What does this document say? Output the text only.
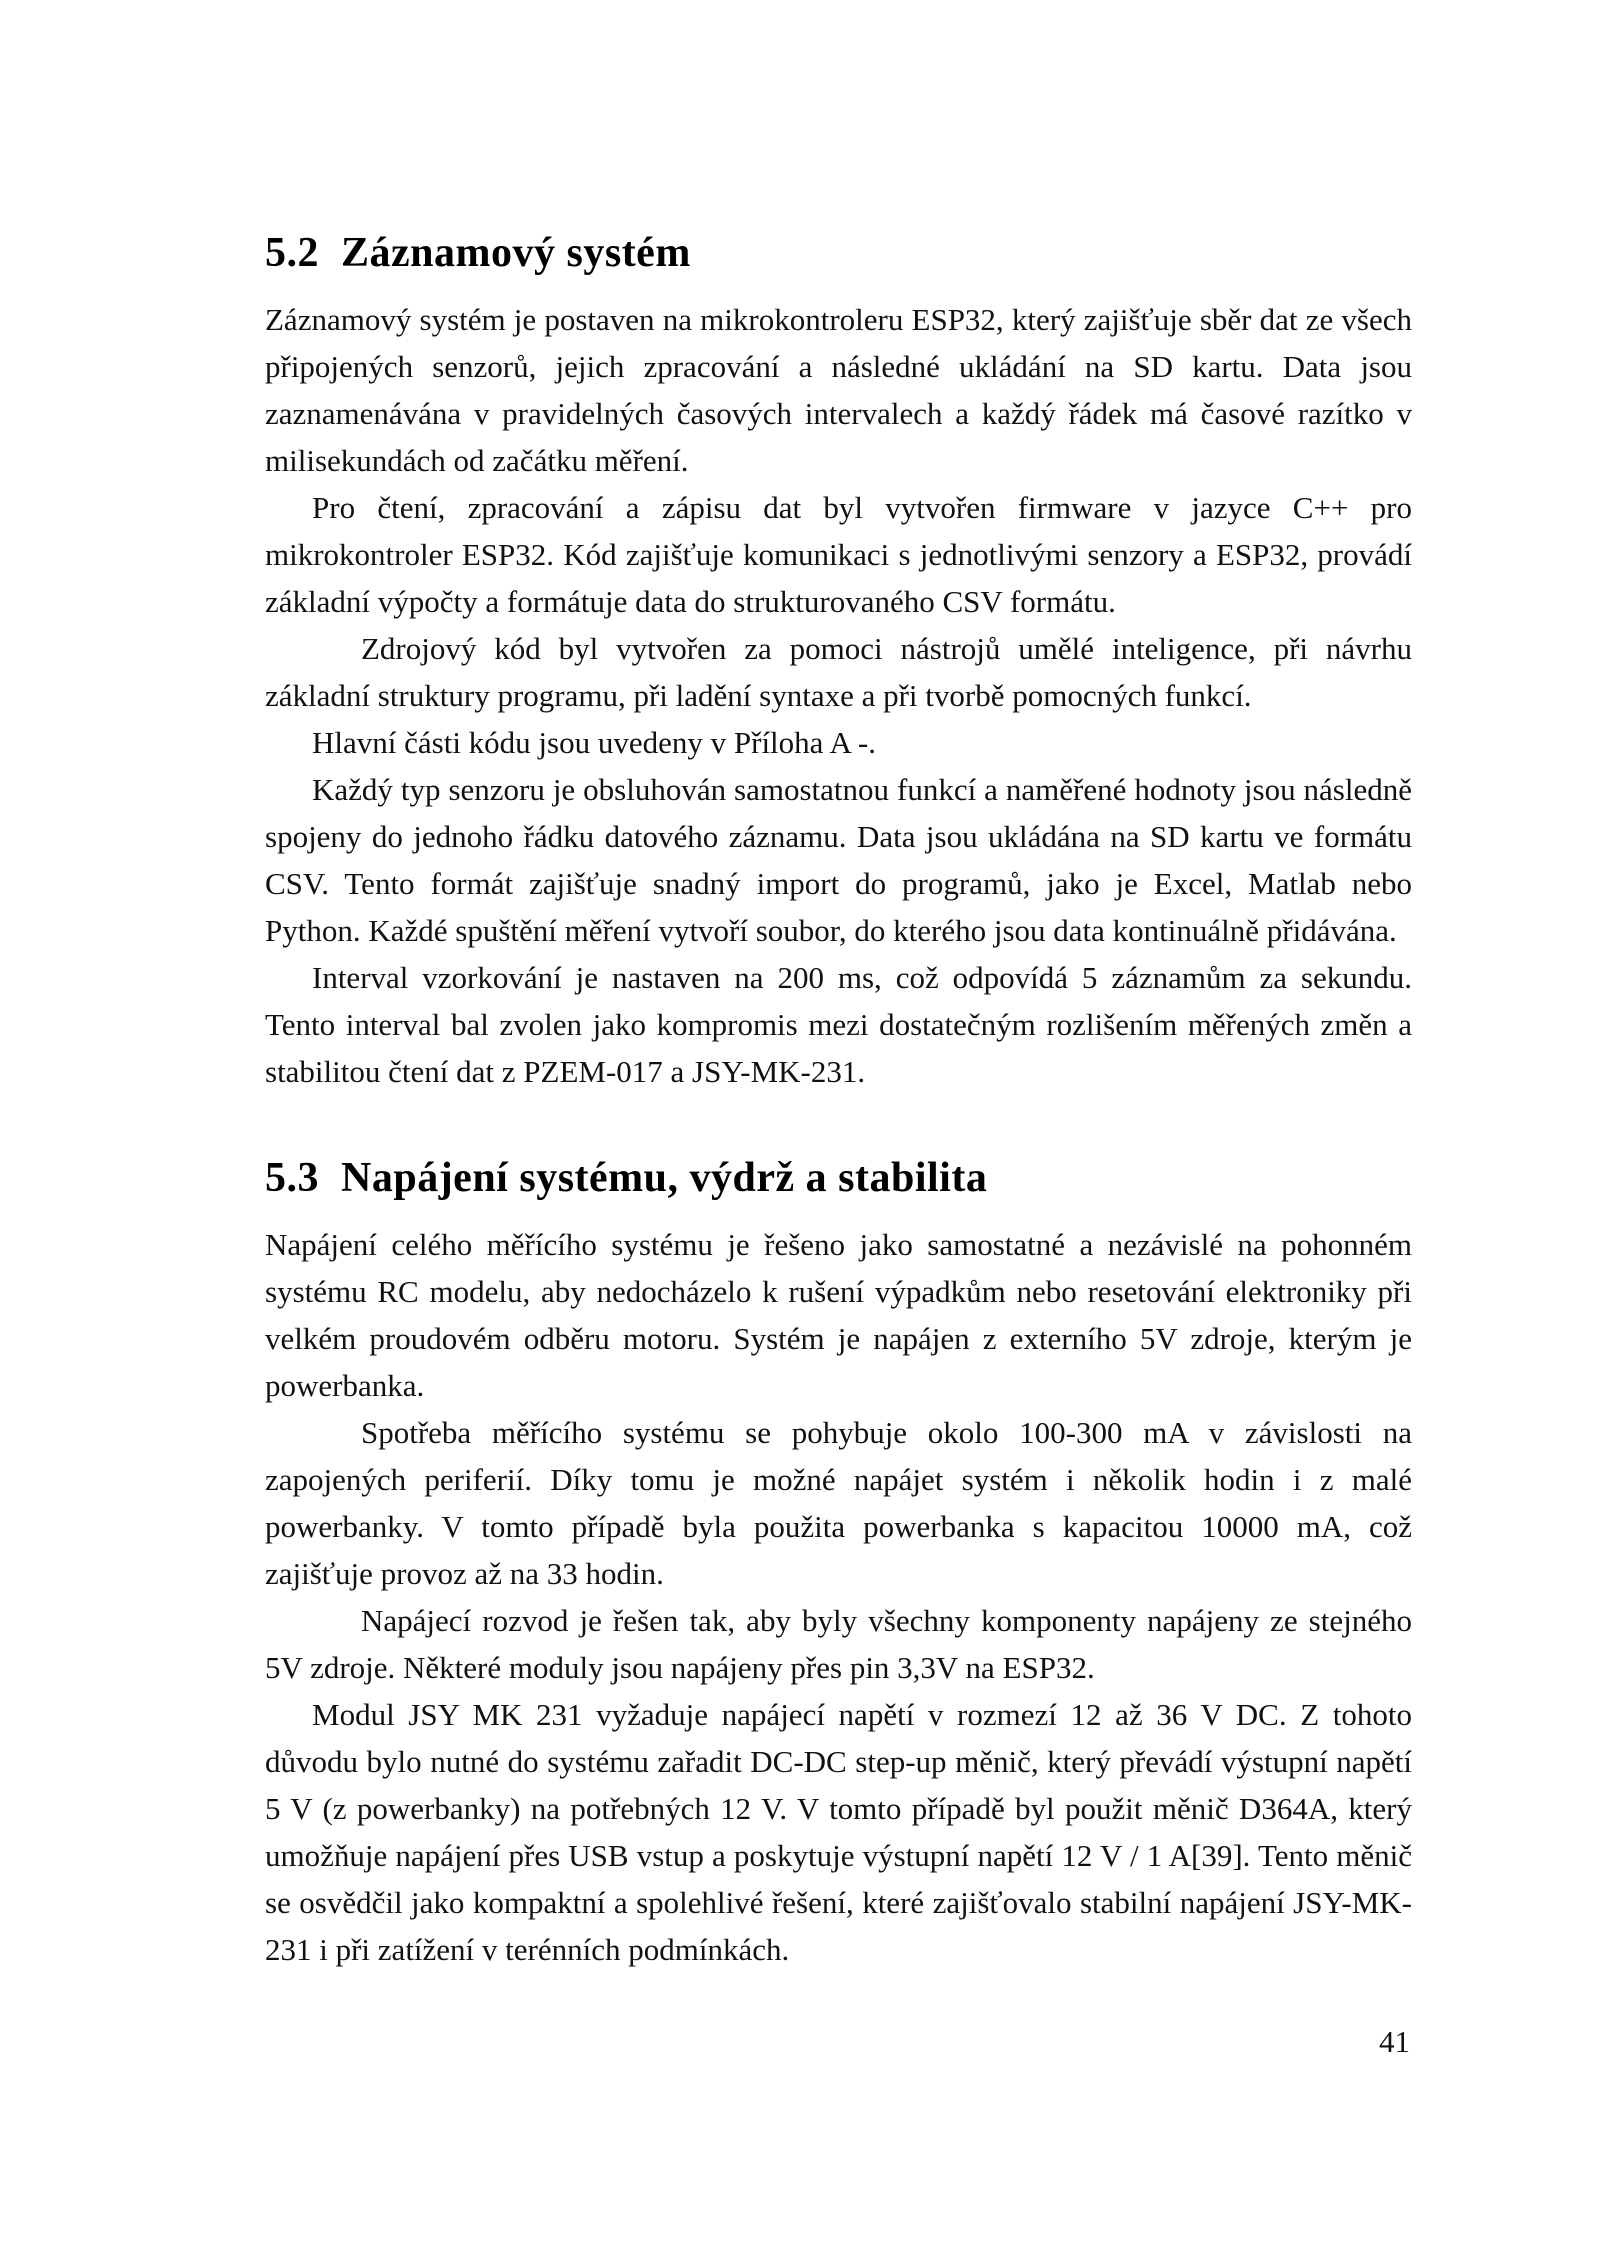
5.2 Záznamový systém

Záznamový systém je postaven na mikrokontroleru ESP32, který zajišťuje sběr dat ze všech připojených senzorů, jejich zpracování a následné ukládání na SD kartu. Data jsou zaznamenávána v pravidelných časových intervalech a každý řádek má časové razítko v milisekundách od začátku měření.

Pro čtení, zpracování a zápisu dat byl vytvořen firmware v jazyce C++ pro mikrokontroler ESP32. Kód zajišťuje komunikaci s jednotlivými senzory a ESP32, provádí základní výpočty a formátuje data do strukturovaného CSV formátu.

Zdrojový kód byl vytvořen za pomoci nástrojů umělé inteligence, při návrhu základní struktury programu, při ladění syntaxe a při tvorbě pomocných funkcí.

Hlavní části kódu jsou uvedeny v Příloha A -.

Každý typ senzoru je obsluhován samostatnou funkcí a naměřené hodnoty jsou následně spojeny do jednoho řádku datového záznamu. Data jsou ukládána na SD kartu ve formátu CSV. Tento formát zajišťuje snadný import do programů, jako je Excel, Matlab nebo Python. Každé spuštění měření vytvoří soubor, do kterého jsou data kontinuálně přidávána.

Interval vzorkování je nastaven na 200 ms, což odpovídá 5 záznamům za sekundu. Tento interval bal zvolen jako kompromis mezi dostatečným rozlišením měřených změn a stabilitou čtení dat z PZEM-017 a JSY-MK-231.

5.3 Napájení systému, výdrž a stabilita

Napájení celého měřícího systému je řešeno jako samostatné a nezávislé na pohonném systému RC modelu, aby nedocházelo k rušení výpadkům nebo resetování elektroniky při velkém proudovém odběru motoru. Systém je napájen z externího 5V zdroje, kterým je powerbanka.

Spotřeba měřícího systému se pohybuje okolo 100-300 mA v závislosti na zapojených periferií. Díky tomu je možné napájet systém i několik hodin i z malé powerbanky. V tomto případě byla použita powerbanka s kapacitou 10000 mA, což zajišťuje provoz až na 33 hodin.

Napájecí rozvod je řešen tak, aby byly všechny komponenty napájeny ze stejného 5V zdroje. Některé moduly jsou napájeny přes pin 3,3V na ESP32.

Modul JSY MK 231 vyžaduje napájecí napětí v rozmezí 12 až 36 V DC. Z tohoto důvodu bylo nutné do systému zařadit DC-DC step-up měnič, který převádí výstupní napětí 5 V (z powerbanky) na potřebných 12 V. V tomto případě byl použit měnič D364A, který umožňuje napájení přes USB vstup a poskytuje výstupní napětí 12 V / 1 A[39]. Tento měnič se osvědčil jako kompaktní a spolehlivé řešení, které zajišťovalo stabilní napájení JSY-MK-231 i při zatížení v terénních podmínkách.

41
